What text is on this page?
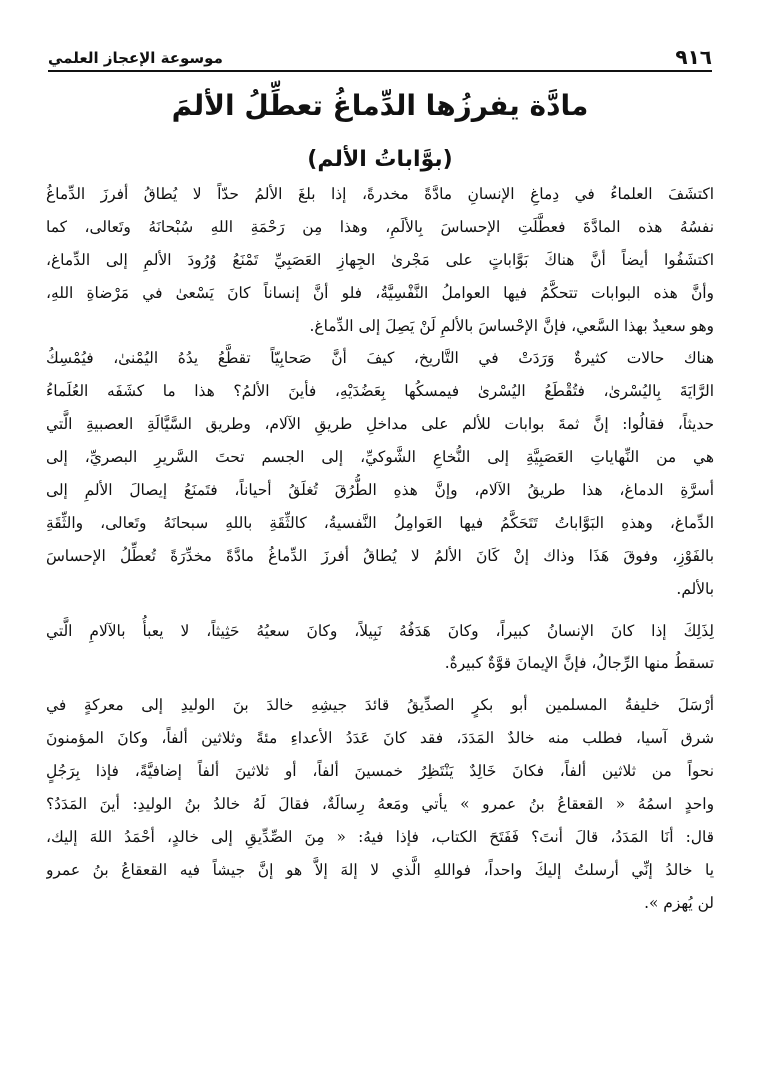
موسوعة الإعجاز العلمي	٩١٦
مادَّة يفرزُها الدِّماغُ تعطِّلُ الألمَ
(بوَّاباتُ الألم)
اكتشَفَ العلماءُ في دِماغِ الإنسانِ مادَّةً مخدرةً، إذا بلغَ الألمُ حدّاً لا يُطاقُ أفرزَ الدِّماغُ
نفسُهُ هذه المادَّةَ فعطَّلَتِ الإحساسَ بِالألَمِ، وهذا مِن رَحْمَةِ اللهِ سُبْحانَهُ وتَعالى، كما
اكتشَفُوا أيضاً أنَّ هناكَ بَوَّاباتٍ على مَجْرىٰ الجِهازِ العَصَبِيِّ تَمْنَعُ وُرُودَ الألمِ إلى الدِّماغ،
وأنَّ هذه البوابات تتحكَّمُ فيها العواملُ النَّفْسِيَّةُ، فلو أنَّ إنساناً كانَ يَسْعىٰ في مَرْضاةِ اللهِ،
وهو سعيدٌ بهذا السَّعي، فإنَّ الإحْساسَ بالألمِ لَنْ يَصِلَ إلى الدِّماغ.
هناك حالات كثيرةٌ وَرَدَتْ في التَّاريخ، كيفَ أنَّ صَحابِيّاً تقطَّعُ يدُهُ اليُمْنىٰ، فيُمْسِكُ
الرَّايَةَ بِاليُسْرىٰ، فتُقْطَعُ اليُسْرىٰ فيمسكُها بِعَضُدَيْهِ، فأينَ الألمُ؟ هذا ما كشَفَه العُلَماءُ
حديثاً، فقالُوا: إنَّ ثمةَ بوابات للألم على مداخلِ طريقِ الآلام، وطريق السَّيَّالَةِ العصبيةِ الَّتي
هي من النِّهاياتِ العَصَبِيَّةِ إلى النُّخاعِ الشَّوكيِّ، إلى الجسم تحتَ السَّريرِ البصريِّ، إلى
أسرَّةِ الدماغ، هذا طريقُ الآلام، وإنَّ هذهِ الطُّرُقَ تُغلَقُ أحياناً، فتَمنَعُ إيصالَ الألمِ إلى
الدِّماغ، وهذهِ البَوَّاباتُ تَتَحَكَّمُ فيها العَوامِلُ النَّفسيةُ، كالثِّقَةِ باللهِ سبحانَهُ وتَعالى، والثِّقَةِ
بالفَوْزِ، وفوقَ هَذَا وذاك إنْ كَانَ الألمُ لا يُطاقُ أفرزَ الدِّماغُ مادَّةً مخدِّرَةً تُعطِّلُ الإحساسَ
بالألم.
لِذَلِكَ إذا كانَ الإنسانُ كبيراً، وكانَ هَدَفُهُ نَبِيلاً، وكانَ سعيُهُ حَثِيثاً، لا يعبأُ بالآلامِ الَّتي
تسقطُ منها الرِّجالُ، فإنَّ الإيمانَ قوَّةٌ كبيرةٌ.
أرْسَلَ خليفةُ المسلمين أبو بكرٍ الصدِّيقُ قائدَ جيشِهِ خالدَ بنَ الوليدِ إلى معركةٍ في
شرق آسيا، فطلب منه خالدٌ المَدَدَ، فقد كانَ عَدَدُ الأعداءِ مئةً وثلاثين ألفاً، وكانَ المؤمنونَ
نحواً من ثلاثين ألفاً، فكانَ خَالِدٌ يَنْتَظِرُ خمسينَ ألفاً، أو ثلاثينَ ألفاً إضافيَّةً، فإذا بِرَجُلٍ
واحدٍ اسمُهُ « القعقاعُ بنُ عمرو » يأتي ومَعهُ رِسالَةٌ، فقالَ لَهُ خالدُ بنُ الوليدِ: أينَ المَدَدُ؟
قال: أنَا المَدَدُ، قالَ أنتَ؟ فَفَتَحَ الكتاب، فإذا فيهُ: « مِنَ الصِّدِّيقِ إلى خالدٍ، أحْمَدُ اللهَ إليك،
يا خالدُ إنِّي أرسلتُ إليكَ واحداً، فواللهِ الَّذي لا إلهَ إلاَّ هو إنَّ جيشاً فيه القعقاعُ بنُ عمرو
لن يُهزم ».
